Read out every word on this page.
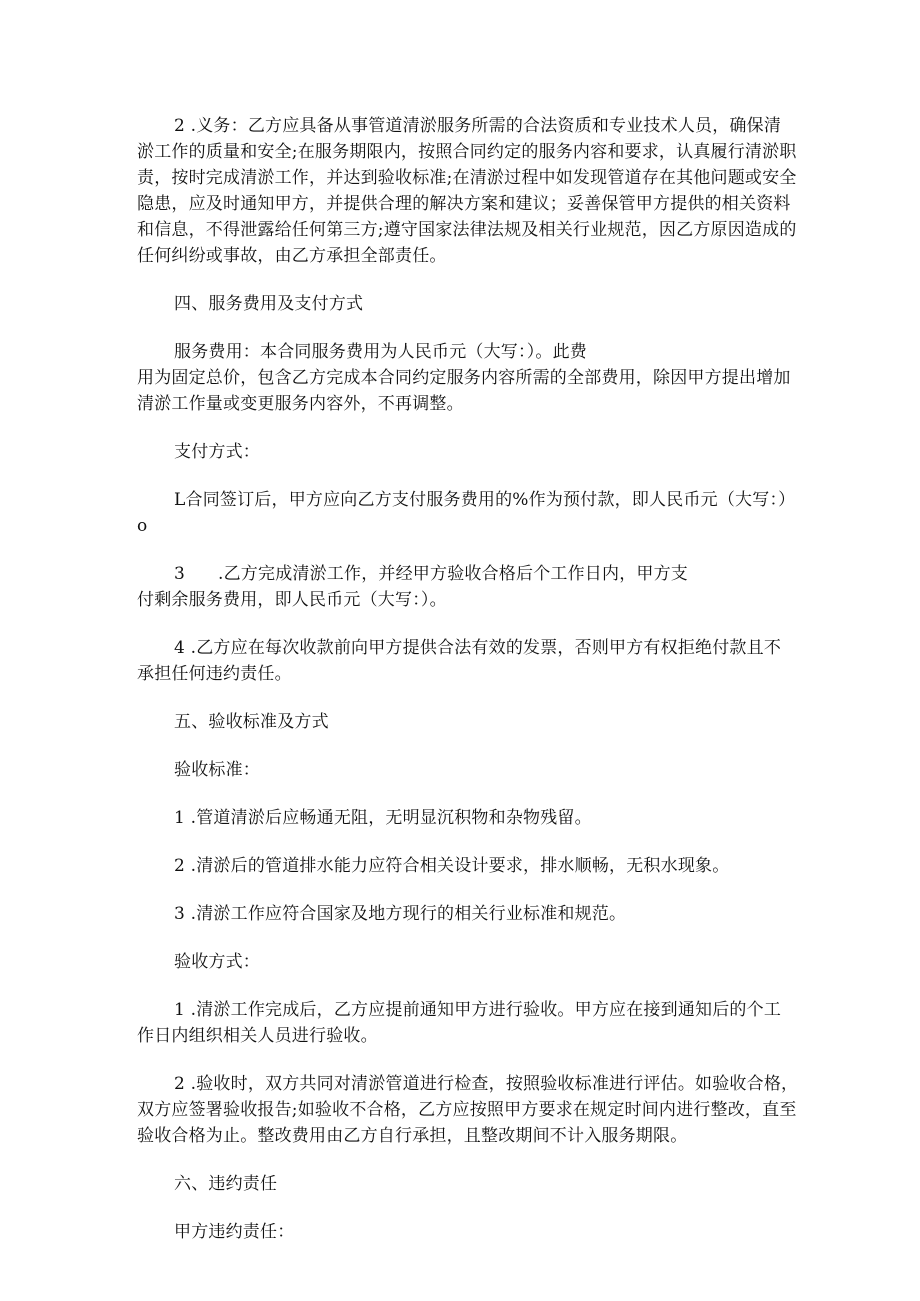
2 .义务：乙方应具备从事管道清淤服务所需的合法资质和专业技术人员，确保清
淤工作的质量和安全;在服务期限内，按照合同约定的服务内容和要求，认真履行清淤职
责，按时完成清淤工作，并达到验收标准;在清淤过程中如发现管道存在其他问题或安全
隐患，应及时通知甲方，并提供合理的解决方案和建议；妥善保管甲方提供的相关资料
和信息，不得泄露给任何第三方;遵守国家法律法规及相关行业规范，因乙方原因造成的
任何纠纷或事故，由乙方承担全部责任。
四、服务费用及支付方式
服务费用：本合同服务费用为人民币元（大写：）。此费
用为固定总价，包含乙方完成本合同约定服务内容所需的全部费用，除因甲方提出增加
清淤工作量或变更服务内容外，不再调整。
支付方式：
L合同签订后，甲方应向乙方支付服务费用的%作为预付款，即人民币元（大写：）
o
3 .乙方完成清淤工作，并经甲方验收合格后个工作日内，甲方支
付剩余服务费用，即人民币元（大写：）。
4 .乙方应在每次收款前向甲方提供合法有效的发票，否则甲方有权拒绝付款且不
承担任何违约责任。
五、验收标准及方式
验收标准：
1 .管道清淤后应畅通无阻，无明显沉积物和杂物残留。
2 .清淤后的管道排水能力应符合相关设计要求，排水顺畅，无积水现象。
3 .清淤工作应符合国家及地方现行的相关行业标准和规范。
验收方式：
1 .清淤工作完成后，乙方应提前通知甲方进行验收。甲方应在接到通知后的个工
作日内组织相关人员进行验收。
2 .验收时，双方共同对清淤管道进行检查，按照验收标准进行评估。如验收合格，
双方应签署验收报告;如验收不合格，乙方应按照甲方要求在规定时间内进行整改，直至
验收合格为止。整改费用由乙方自行承担，且整改期间不计入服务期限。
六、违约责任
甲方违约责任：
